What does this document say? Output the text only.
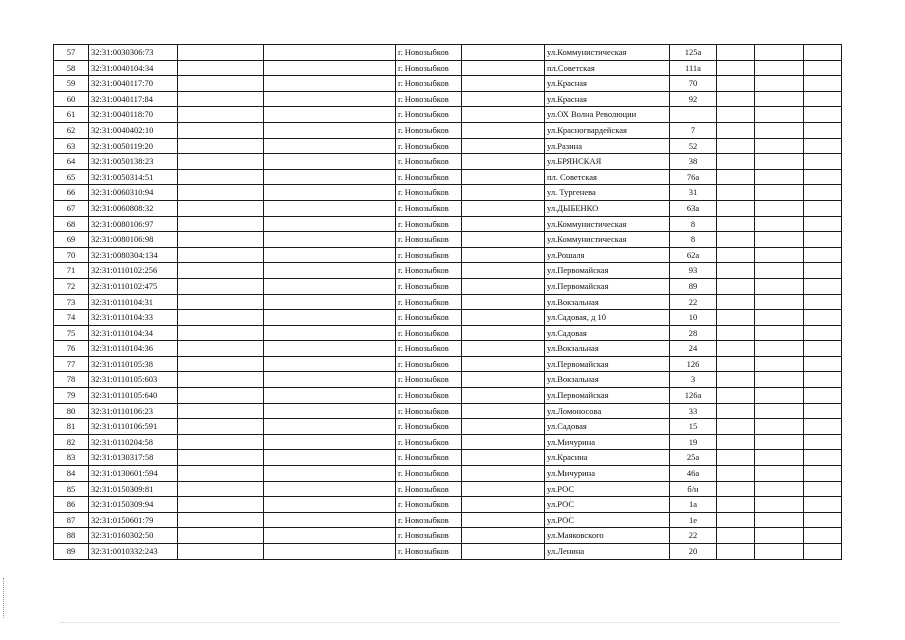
57	32:31:0030306:73			г. Новозыбков		ул.Коммунистическая	125а			
58	32:31:0040104:34			г. Новозыбков		пл.Советская	111а			
59	32:31:0040117:70			г. Новозыбков		ул.Красная	70			
60	32:31:0040117:84			г. Новозыбков		ул.Красная	92			
61	32:31:0040118:70			г. Новозыбков		ул.ОХ Волна Революции				
62	32:31:0040402:10			г. Новозыбков		ул.Красногвардейская	7			
63	32:31:0050119:20			г. Новозыбков		ул.Разина	52			
64	32:31:0050138:23			г. Новозыбков		ул.БРЯНСКАЯ	38			
65	32:31:0050314:51			г. Новозыбков		пл. Советская	76а			
66	32:31:0060310:94			г. Новозыбков		ул. Тургенева	31			
67	32:31:0060808:32			г. Новозыбков		ул.ДЫБЕНКО	63а			
68	32:31:0080106:97			г. Новозыбков		ул.Коммунистическая	8			
69	32:31:0080106:98			г. Новозыбков		ул.Коммунистическая	8			
70	32:31:0080304:134			г. Новозыбков		ул.Рошаля	62а			
71	32:31:0110102:256			г. Новозыбков		ул.Первомайская	93			
72	32:31:0110102:475			г. Новозыбков		ул.Первомайская	89			
73	32:31:0110104:31			г. Новозыбков		ул.Вокзальная	22			
74	32:31:0110104:33			г. Новозыбков		ул.Садовая, д 10	10			
75	32:31:0110104:34			г. Новозыбков		ул.Садовая	28			
76	32:31:0110104:36			г. Новозыбков		ул.Вокзальная	24			
77	32:31:0110105:38			г. Новозыбков		ул.Первомайская	126			
78	32:31:0110105:603			г. Новозыбков		ул.Вокзальная	3			
79	32:31:0110105:640			г. Новозыбков		ул.Первомайская	126а			
80	32:31:0110106:23			г. Новозыбков		ул.Ломоносова	33			
81	32:31:0110106:591			г. Новозыбков		ул.Садовая	15			
82	32:31:0110204:58			г. Новозыбков		ул.Мичурина	19			
83	32:31:0130317:58			г. Новозыбков		ул.Красина	25а			
84	32:31:0130601:594			г. Новозыбков		ул.Мичурина	46а			
85	32:31:0150309:81			г. Новозыбков		ул.РОС	б/н			
86	32:31:0150309:94			г. Новозыбков		ул.РОС	1а			
87	32:31:0150601:79			г. Новозыбков		ул.РОС	1е			
88	32:31:0160302:50			г. Новозыбков		ул.Маяковского	22			
89	32:31:0010332:243			г. Новозыбков		ул.Ленина	20			
